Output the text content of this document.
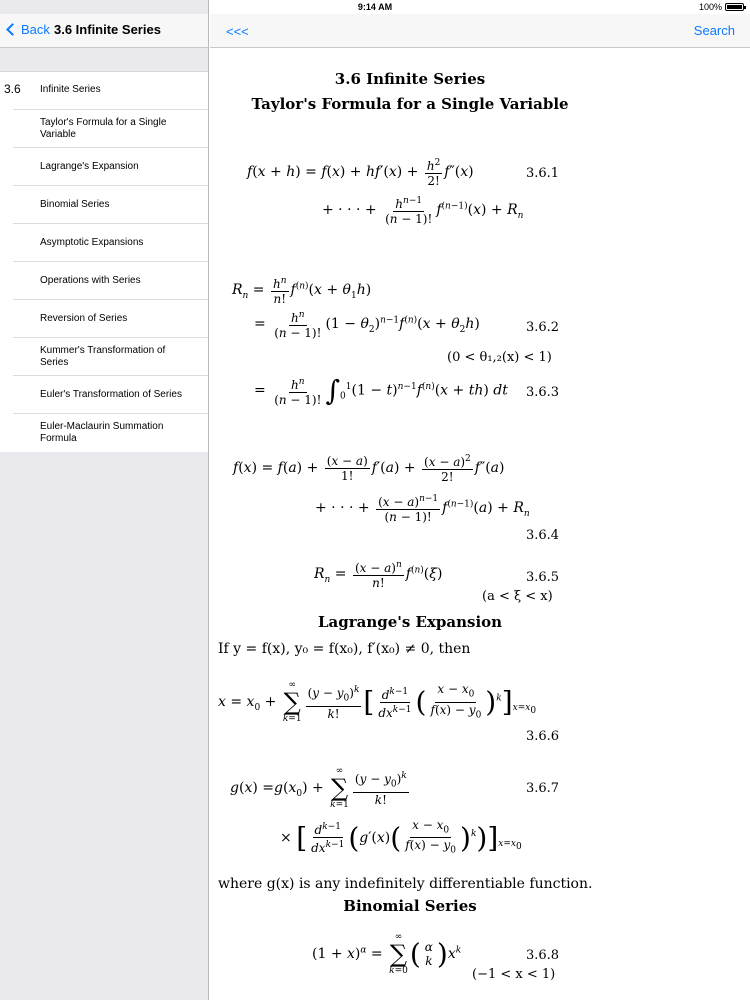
9:14 AM	100%
Back 3.6 Infinite Series
3.6 Infinite Series
Taylor's Formula for a Single Variable
Lagrange's Expansion
Binomial Series
Asymptotic Expansions
Operations with Series
Reversion of Series
Kummer's Transformation of Series
Euler's Transformation of Series
Euler-Maclaurin Summation Formula
<<<	Search
3.6 Infinite Series
Taylor's Formula for a Single Variable
$f(x + h) = f(x) + hf'(x) + \frac{h^2}{2!} f''(x)$	3.6.1
+ · · · + $\frac{h^{n-1}}{(n - 1)!} f^{(n-1)}(x) + R_n$
$R_n = \frac{h^n}{n!} f^{(n)}(x + \theta_1h)$
= $\frac{h^n}{(n - 1)!} (1 - \theta_2)^{n-1}f^{(n)}(x + \theta_2h)$	3.6.2
(0 < θ₁,₂(x) < 1)
= $\frac{h^n}{(n - 1)!} \int_0^1(1 - t)^{n-1}f^{(n)}(x + th)$ dt 3.6.3
$f(x) = f(a) + \frac{(x - a)}{1!} f'(a) + \frac{(x - a)^2}{2!} f''(a)$
+ · · · + $\frac{(x - a)^{n-1}}{(n - 1)!} f^{(n-1)}(a) + R_n$
3.6.4
$R_n = \frac{(x - a)^n}{n!} f^{(n)}(\xi)$	3.6.5
(a < ξ < x)
Lagrange's Expansion
If y = f(x), y₀ = f(x₀), f′(x₀) ≠ 0, then
$x = x_0$ +
∞
∑
$k=1 \frac{(y - y_0)^k}{k!}$ [ $\frac{d^{k-1}}{dx^{k-1}}$ ( $\frac{x - x_0}{f(x) - y_0} )^k]_{x=x_0}$
3.6.6
$g(x) =g(x_0)$ +
∞
∑
$k=1 \frac{(y - y_0)^k}{k!}$	3.6.7
× [ $\frac{d^{k-1}}{dx^{k-1}} (g'(x)( \frac{x - x_0}{f(x) - y_0} )^k)]_{x=x_0}$
where g(x) is any indefinitely differentiable function.
Binomial Series
$(1 + x)^\alpha$ =
∞
∑
k=0
( α
k )$x^k$	3.6.8
(−1 < x < 1)
